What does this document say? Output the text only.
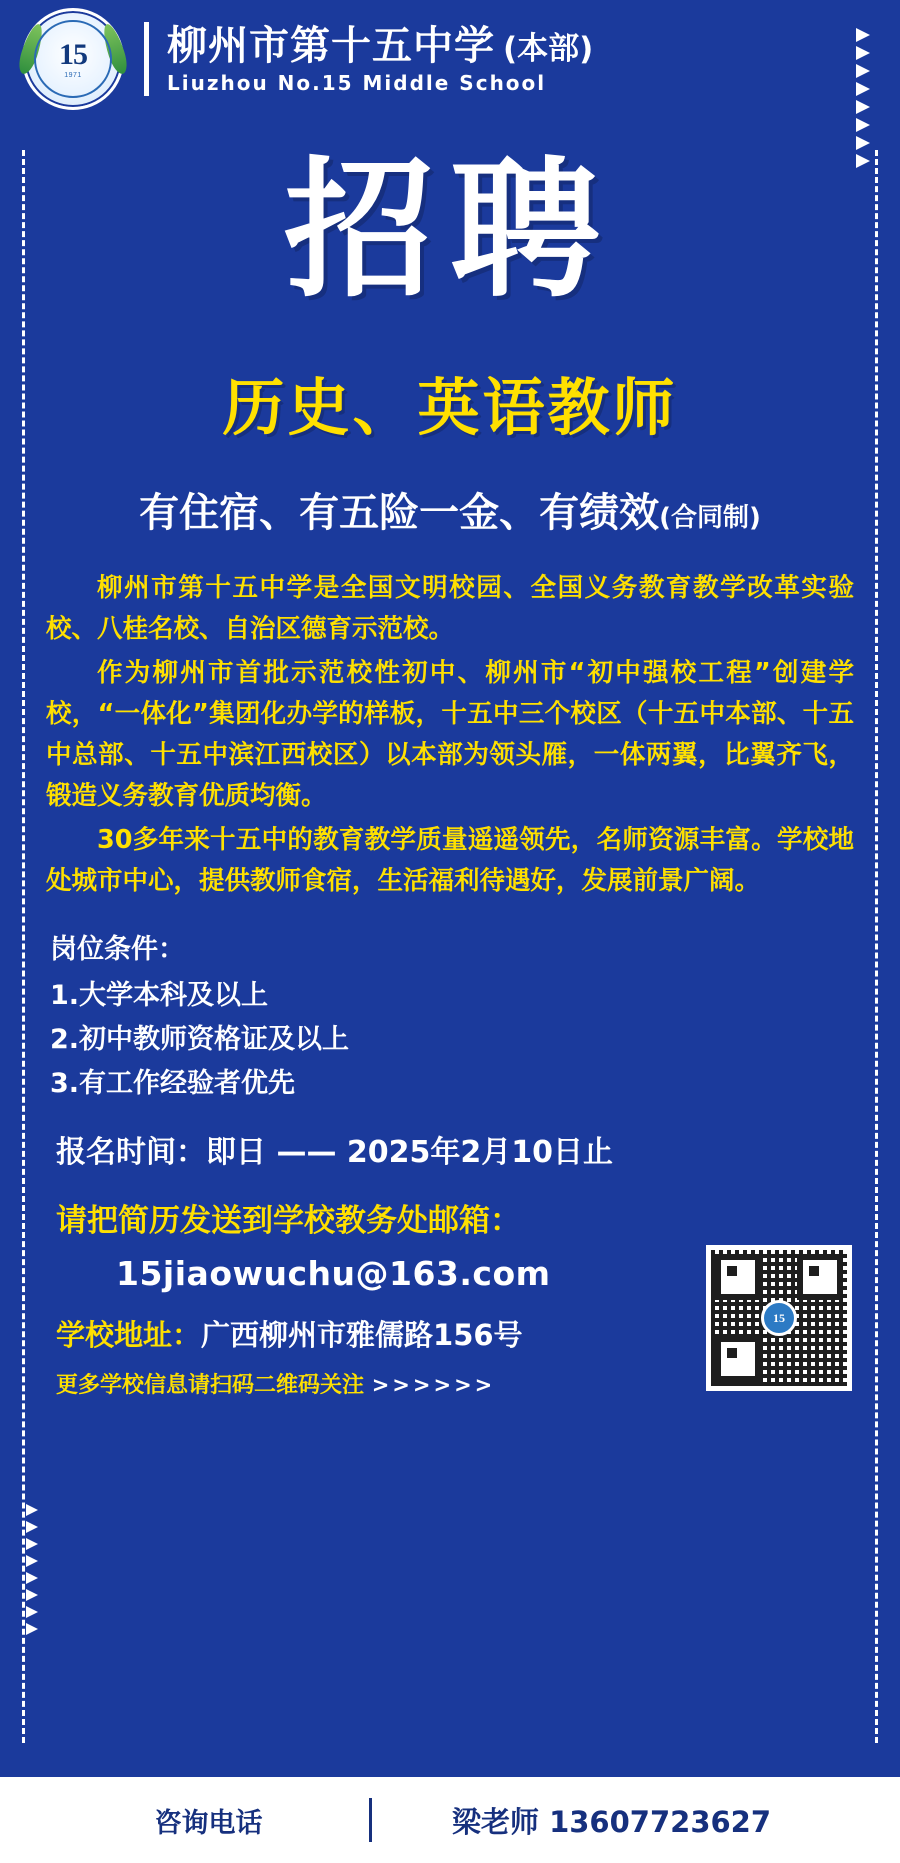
15
1971
柳州市第十五中学 (本部)
Liuzhou No.15 Middle School
招聘
历史、英语教师
有住宿、有五险一金、有绩效(合同制)

柳州市第十五中学是全国文明校园、全国义务教育教学改革实验校、八桂名校、自治区德育示范校。

作为柳州市首批示范校性初中、柳州市“初中强校工程”创建学校，“一体化”集团化办学的样板，十五中三个校区（十五中本部、十五中总部、十五中滨江西校区）以本部为领头雁，一体两翼，比翼齐飞，锻造义务教育优质均衡。

30多年来十五中的教育教学质量遥遥领先，名师资源丰富。学校地处城市中心，提供教师食宿，生活福利待遇好，发展前景广阔。

岗位条件：
1.大学本科及以上
2.初中教师资格证及以上
3.有工作经验者优先
报名时间：即日 —— 2025年2月10日止
请把简历发送到学校教务处邮箱：
15jiaowuchu@163.com
学校地址：广西柳州市雅儒路156号
更多学校信息请扫码二维码关注 >>>>>>
15
咨询电话	梁老师 13607723627
